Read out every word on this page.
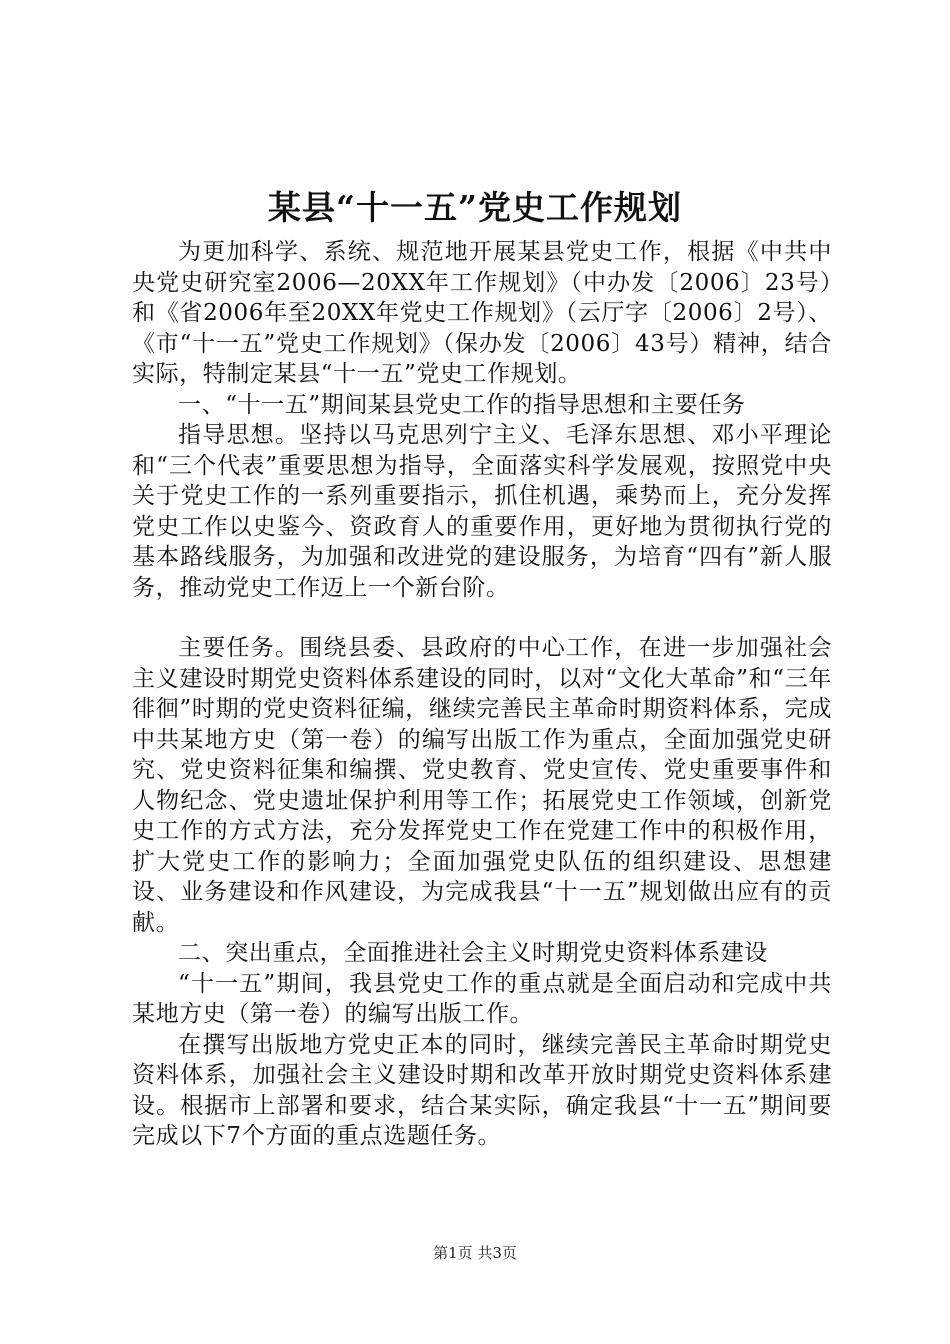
某县“十一五”党史工作规划

为更加科学、系统、规范地开展某县党史工作，根据《中共中央党史研究室2006—20XX年工作规划》（中办发〔2006〕23号）和《省2006年至20XX年党史工作规划》（云厅字〔2006〕2号）、《市“十一五”党史工作规划》（保办发〔2006〕43号）精神，结合实际，特制定某县“十一五”党史工作规划。

一、“十一五”期间某县党史工作的指导思想和主要任务

指导思想。坚持以马克思列宁主义、毛泽东思想、邓小平理论和“三个代表”重要思想为指导，全面落实科学发展观，按照党中央关于党史工作的一系列重要指示，抓住机遇，乘势而上，充分发挥党史工作以史鉴今、资政育人的重要作用，更好地为贯彻执行党的基本路线服务，为加强和改进党的建设服务，为培育“四有”新人服务，推动党史工作迈上一个新台阶。

主要任务。围绕县委、县政府的中心工作，在进一步加强社会主义建设时期党史资料体系建设的同时，以对“文化大革命”和“三年徘徊”时期的党史资料征编，继续完善民主革命时期资料体系，完成中共某地方史（第一卷）的编写出版工作为重点，全面加强党史研究、党史资料征集和编撰、党史教育、党史宣传、党史重要事件和人物纪念、党史遗址保护利用等工作；拓展党史工作领域，创新党史工作的方式方法，充分发挥党史工作在党建工作中的积极作用，扩大党史工作的影响力；全面加强党史队伍的组织建设、思想建设、业务建设和作风建设，为完成我县“十一五”规划做出应有的贡献。

二、突出重点，全面推进社会主义时期党史资料体系建设

“十一五”期间，我县党史工作的重点就是全面启动和完成中共某地方史（第一卷）的编写出版工作。

在撰写出版地方党史正本的同时，继续完善民主革命时期党史资料体系，加强社会主义建设时期和改革开放时期党史资料体系建设。根据市上部署和要求，结合某实际，确定我县“十一五”期间要完成以下7个方面的重点选题任务。

第1页 共3页
